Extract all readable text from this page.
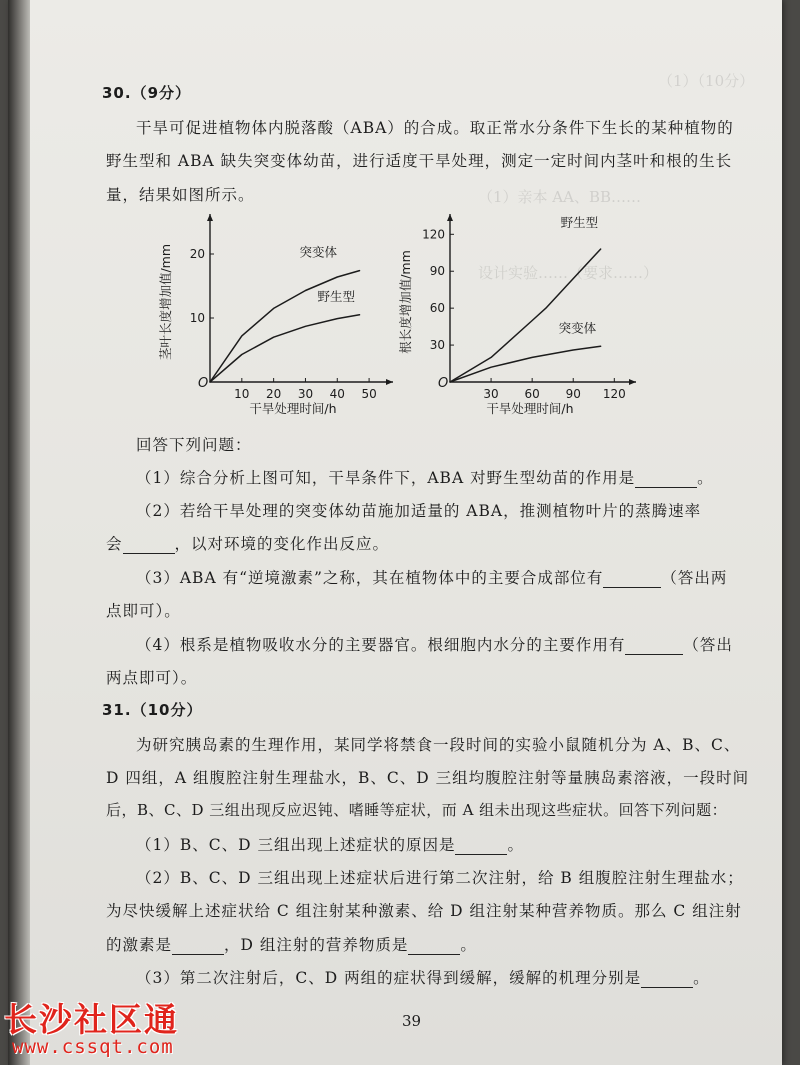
（1）（10分）
（1）亲本 AA、BB……
设计实验……（要求……）
30.（9分）
干旱可促进植物体内脱落酸（ABA）的合成。取正常水分条件下生长的某种植物的
野生型和 ABA 缺失突变体幼苗，进行适度干旱处理，测定一定时间内茎叶和根的生长
量，结果如图所示。
O
10 20 30 40 50
10
20
茎叶长度增加值/mm
干旱处理时间/h
突变体
野生型
O
30 60 90 120
30
60
90
120
根长度增加值/mm
干旱处理时间/h
野生型
突变体
回答下列问题：
（1）综合分析上图可知，干旱条件下，ABA 对野生型幼苗的作用是	。
（2）若给干旱处理的突变体幼苗施加适量的 ABA，推测植物叶片的蒸腾速率
会	，以对环境的变化作出反应。
（3）ABA 有“逆境激素”之称，其在植物体中的主要合成部位有	（答出两
点即可）。
（4）根系是植物吸收水分的主要器官。根细胞内水分的主要作用有	（答出
两点即可）。
31.（10分）
为研究胰岛素的生理作用，某同学将禁食一段时间的实验小鼠随机分为 A、B、C、
D 四组，A 组腹腔注射生理盐水，B、C、D 三组均腹腔注射等量胰岛素溶液，一段时间
后，B、C、D 三组出现反应迟钝、嗜睡等症状，而 A 组未出现这些症状。回答下列问题：
（1）B、C、D 三组出现上述症状的原因是	。
（2）B、C、D 三组出现上述症状后进行第二次注射，给 B 组腹腔注射生理盐水；
为尽快缓解上述症状给 C 组注射某种激素、给 D 组注射某种营养物质。那么 C 组注射
的激素是	，D 组注射的营养物质是	。
（3）第二次注射后，C、D 两组的症状得到缓解，缓解的机理分别是	。
39
长沙社区通
www.cssqt.com
